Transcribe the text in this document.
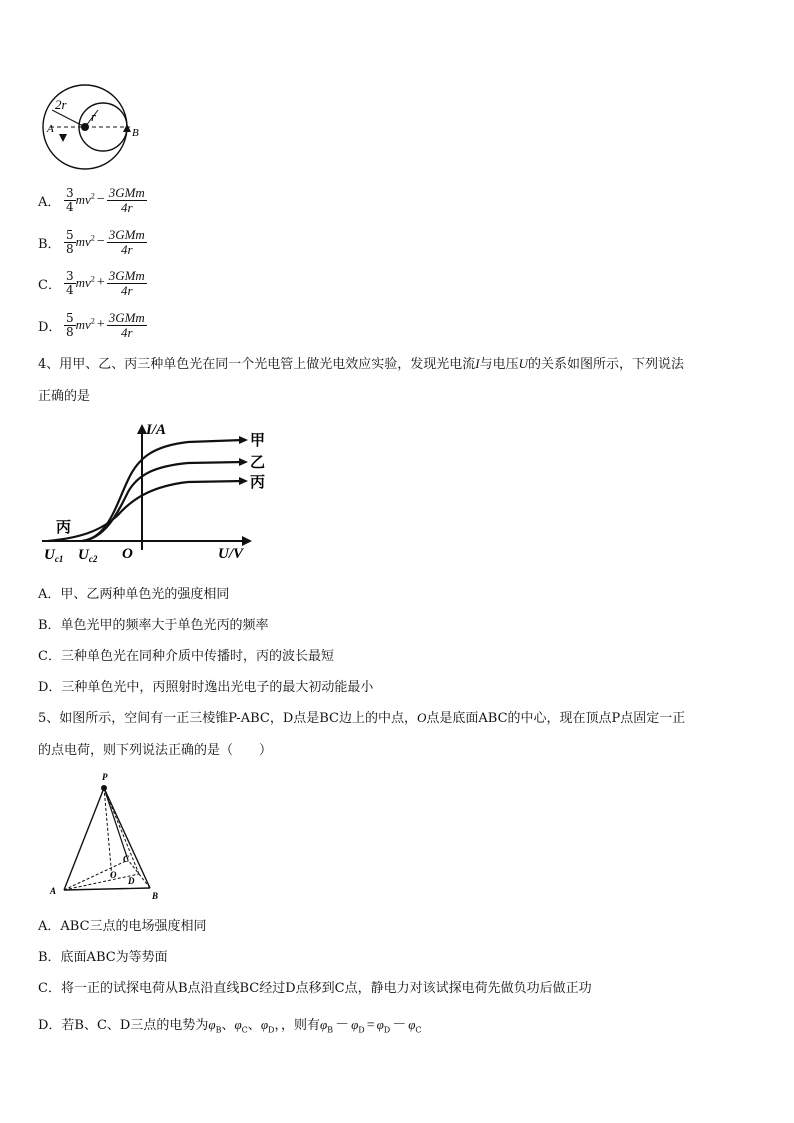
2r
r
A	B
A． $\frac{3}{4} mv^2 - \frac{\text{3GMm}}{4r}$
B． $\frac{5}{8} mv^2 - \frac{\text{3GMm}}{4r}$
C． $\frac{3}{4} mv^2 + \frac{\text{3GMm}}{4r}$
D． $\frac{5}{8} mv^2 + \frac{\text{3GMm}}{4r}$
4、用甲、乙、丙三种单色光在同一个光电管上做光电效应实验，发现光电流I与电压U的关系如图所示，下列说法
正确的是
I/A
U/V
O
$U_{c1}$ $U_{c2}$
甲
乙
丙
丙
A．甲、乙两种单色光的强度相同
B．单色光甲的频率大于单色光丙的频率
C．三种单色光在同种介质中传播时，丙的波长最短
D．三种单色光中，丙照射时逸出光电子的最大初动能最小
5、如图所示，空间有一正三棱锥P-ABC，D点是BC边上的中点，O点是底面ABC的中心，现在顶点P点固定一正
的点电荷，则下列说法正确的是（　　）
P
A	B
C
D
O
A．ABC三点的电场强度相同
B．底面ABC为等势面
C．将一正的试探电荷从B点沿直线BC经过D点移到C点，静电力对该试探电荷先做负功后做正功
D．若B、C、D三点的电势为$\varphi_B$、$\varphi_C$、$\varphi_D$，，则有$\varphi_B - \varphi_D = \varphi_D - \varphi_C$
